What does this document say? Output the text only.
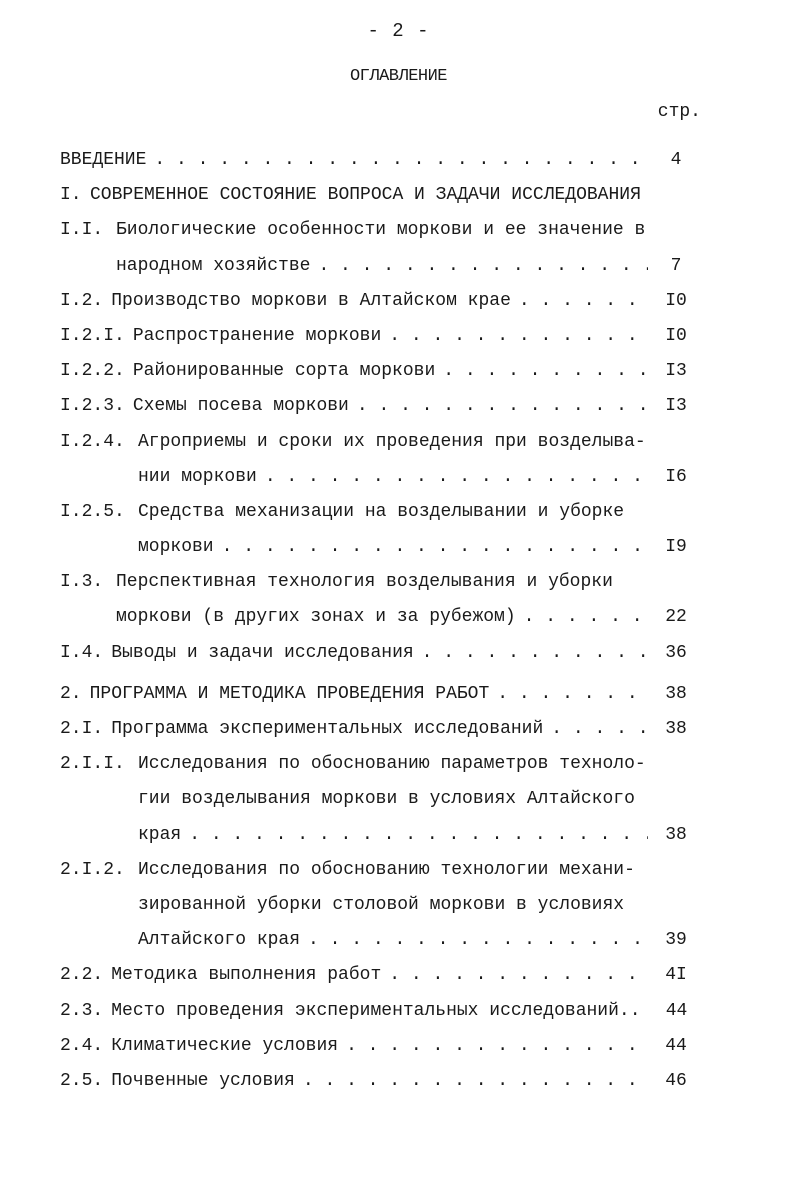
- 2 -
ОГЛАВЛЕНИЕ
стр.
ВВЕДЕНИЕ . . .	4
I. СОВРЕМЕННОЕ СОСТОЯНИЕ ВОПРОСА И ЗАДАЧИ ИССЛЕДОВАНИЯ
I.I. Биологические особенности моркови и ее значение в
народном хозяйстве . . .	7
I.2. Производство моркови в Алтайском крае . . .	I0
I.2.I. Распространение моркови . . .	I0
I.2.2. Районированные сорта моркови . . .	I3
I.2.3. Схемы посева моркови . . .	I3
I.2.4. Агроприемы и сроки их проведения при возделыва-
нии моркови . . .	I6
I.2.5. Средства механизации на возделывании и уборке
моркови . . .	I9
I.3. Перспективная технология возделывания и уборки
моркови (в других зонах и за рубежом) . . .	22
I.4. Выводы и задачи исследования . . .	36
2. ПРОГРАММА И МЕТОДИКА ПРОВЕДЕНИЯ РАБОТ . . .	38
2.I. Программа экспериментальных исследований . . .	38
2.I.I. Исследования по обоснованию параметров техноло-
гии возделывания моркови в условиях Алтайского
края . . .	38
2.I.2. Исследования по обоснованию технологии механи-
зированной уборки столовой моркови в условиях
Алтайского края . . .	39
2.2. Методика выполнения работ . . .	4I
2.3. Место проведения экспериментальных исследований..	44
2.4. Климатические условия . . .	44
2.5. Почвенные условия . . .	46
